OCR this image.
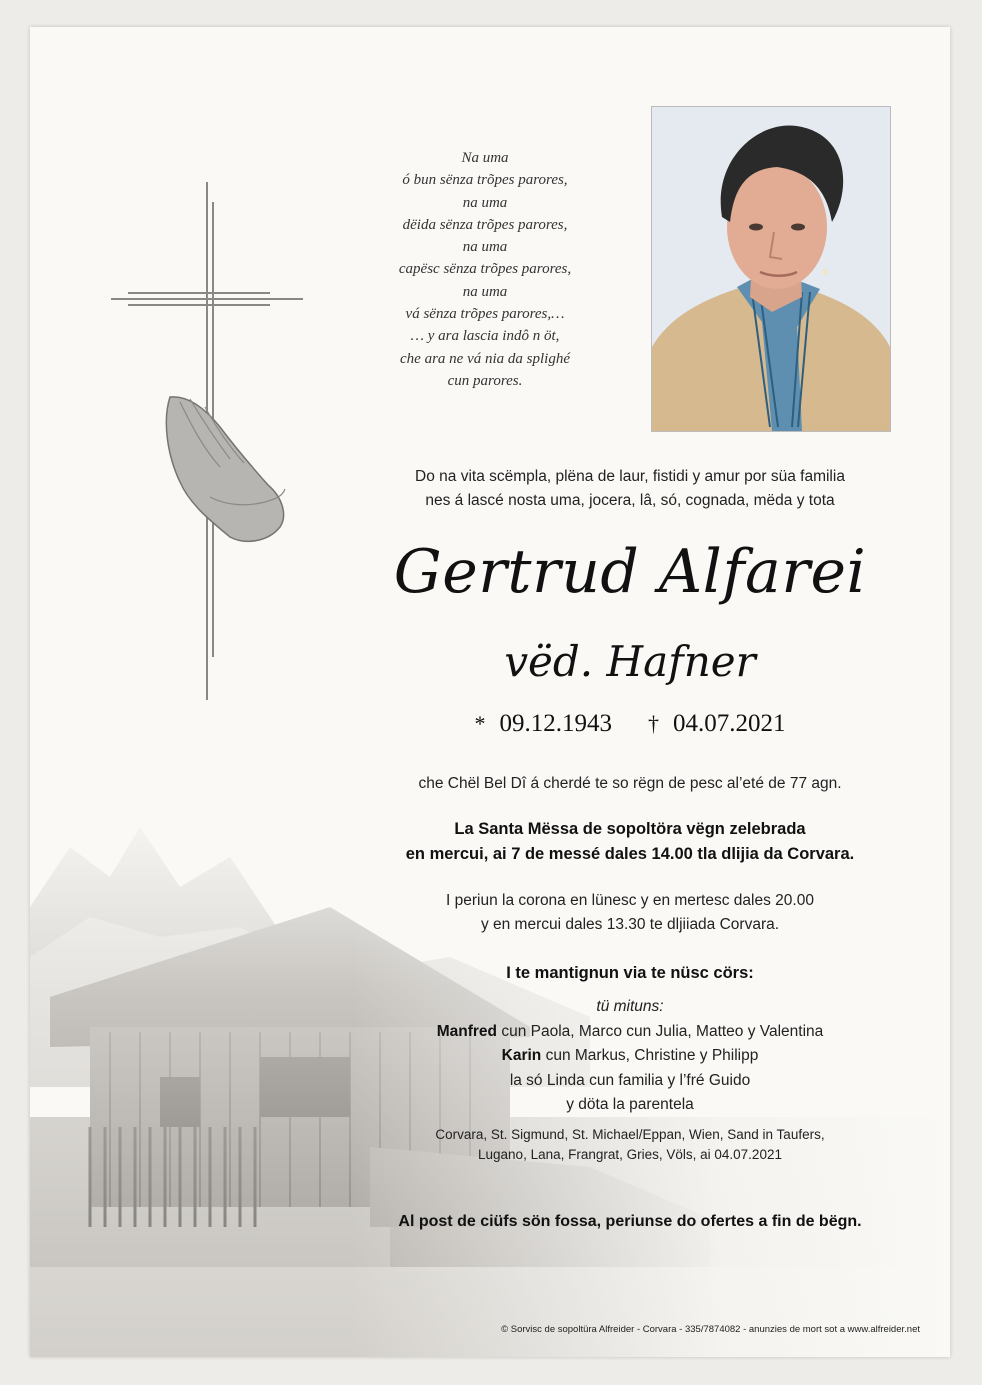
Na uma
ó bun sënza trõpes parores,
na uma
dëida sënza trõpes parores,
na uma
capësc sënza trõpes parores,
na uma
vá sënza trõpes parores,…
… y ara lascia indô n öt,
che ara ne vá nia da splighé
cun parores.
Do na vita scëmpla, plëna de laur, fistidi y amur por süa familia
nes á lascé nosta uma, jocera, lâ, só, cognada, mëda y tota
Gertrud Alfarei
vëd. Hafner
* 09.12.1943 † 04.07.2021
che Chël Bel Dî á cherdé te so rëgn de pesc al’eté de 77 agn.
La Santa Mëssa de sopoltöra vëgn zelebrada
en mercui, ai 7 de messé dales 14.00 tla dlijia da Corvara.
I periun la corona en lünesc y en mertesc dales 20.00
y en mercui dales 13.30 te dljiiada Corvara.
I te mantignun via te nüsc cörs:
tü mituns:
Manfred cun Paola, Marco cun Julia, Matteo y Valentina
Karin cun Markus, Christine y Philipp
la só Linda cun familia y l’fré Guido
y döta la parentela
Corvara, St. Sigmund, St. Michael/Eppan, Wien, Sand in Taufers,
Lugano, Lana, Frangrat, Gries, Völs, ai 04.07.2021
Al post de ciüfs sön fossa, periunse do ofertes a fin de bëgn.
© Sorvisc de sopoltüra Alfreider - Corvara - 335/7874082 - anunzies de mort sot a www.alfreider.net
